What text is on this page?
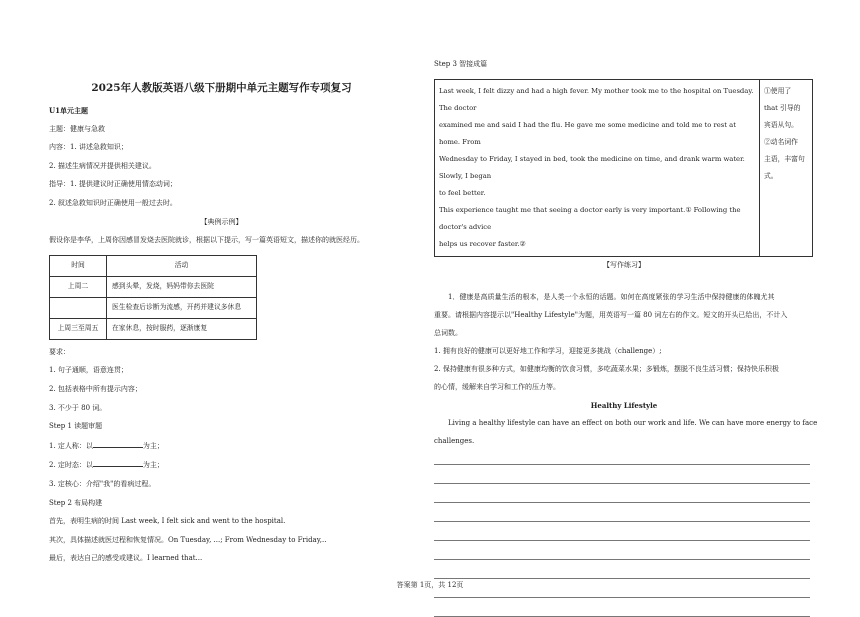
2025年人教版英语八级下册期中单元主题写作专项复习
U1单元主题
主题：健康与急救
内容：1. 讲述急救知识；
2. 描述生病情况并提供相关建议。
指导：1. 提供建议时正确使用情态动词；
2. 叙述急救知识时正确使用一般过去时。
【典例示例】
假设你是李华，上周你因感冒发烧去医院就诊，根据以下提示，写一篇英语短文，描述你的就医经历。
时间	活动
上周二	感到头晕，发烧，妈妈带你去医院
	医生检查后诊断为流感，开药并建议多休息
上周三至周五	在家休息，按时服药，逐渐康复
要求：
1. 句子通顺，语意连贯；
2. 包括表格中所有提示内容；
3. 不少于 80 词。
Step 1 读题审题
1. 定人称：以	为主；
2. 定时态：以	为主；
3. 定核心：介绍"我"的看病过程。
Step 2 布局构建
首先，表明生病的时间 Last week, I felt sick and went to the hospital.
其次，具体描述就医过程和恢复情况。On Tuesday, ...; From Wednesday to Friday,..
最后，表达自己的感受或建议。I learned that...
Step 3 智接成篇
Last week, I felt dizzy and had a high fever. My mother took me to the hospital on Tuesday. The doctor
examined me and said I had the flu. He gave me some medicine and told me to rest at home. From
Wednesday to Friday, I stayed in bed, took the medicine on time, and drank warm water. Slowly, I began
to feel better.
This experience taught me that seeing a doctor early is very important.① Following the doctor's advice
helps us recover faster.②

①使用了
that 引导的
宾语从句。
②动名词作
主语，丰富句
式。
【写作练习】
1．健康是高质量生活的根本，是人类一个永恒的话题。如何在高度紧张的学习生活中保持健康的体魄尤其
重要。请根据内容提示以"Healthy Lifestyle"为题，用英语写一篇 80 词左右的作文。短文的开头已给出，不计入
总词数。
1. 拥有良好的健康可以更好地工作和学习，迎接更多挑战（challenge）;
2. 保持健康有很多种方式，如健康均衡的饮食习惯，多吃蔬菜水果；多锻炼，摆脱不良生活习惯；保持快乐积极
的心情，缓解来自学习和工作的压力等。
Healthy Lifestyle
Living a healthy lifestyle can have an effect on both our work and life. We can have more energy to face
challenges.
答案第 1页，共 12页
